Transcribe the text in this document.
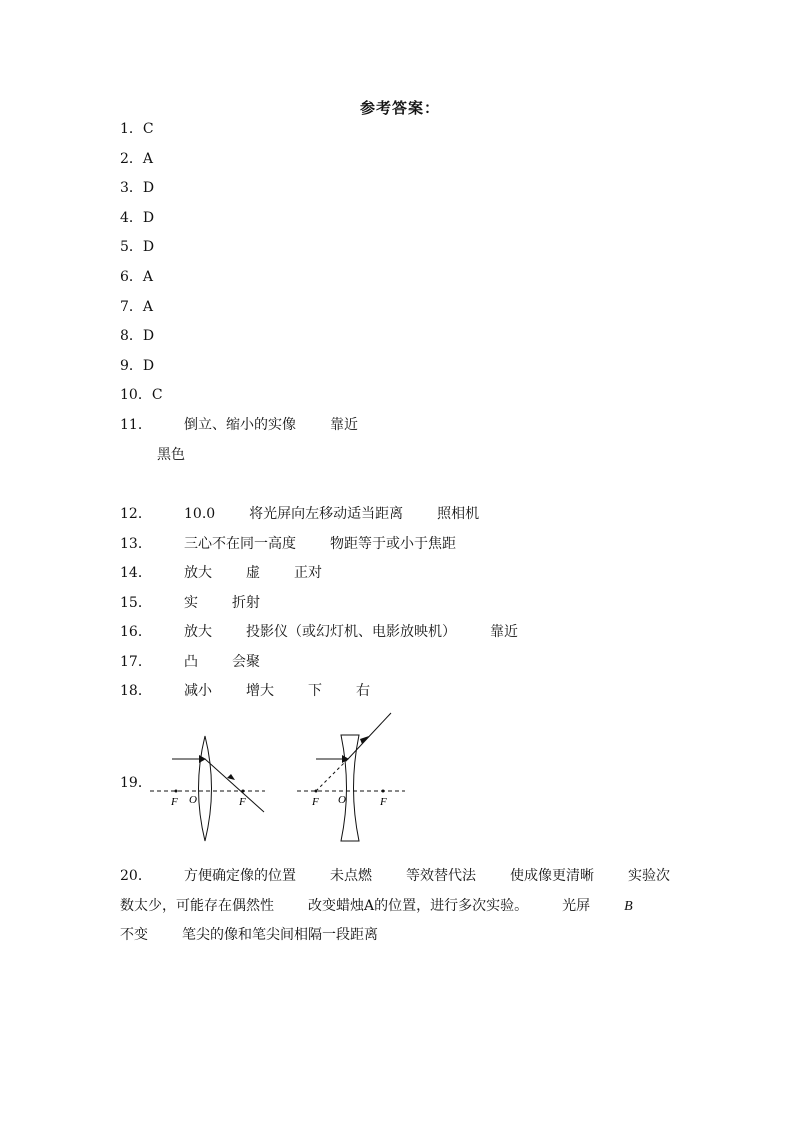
参考答案：
1．C
2．A
3．D
4．D
5．D
6．A
7．A
8．D
9．D
10．C
11． 倒立、缩小的实像 靠近
黑色
12． 10.0 将光屏向左移动适当距离 照相机
13． 三心不在同一高度 物距等于或小于焦距
14． 放大 虚 正对
15． 实 折射
16． 放大 投影仪（或幻灯机、电影放映机） 靠近
17． 凸 会聚
18． 减小 增大 下 右
19．
F O	F	F O	F
20． 方便确定像的位置 未点燃 等效替代法 使成像更清晰 实验次
数太少，可能存在偶然性 改变蜡烛A的位置，进行多次实验。 光屏 B
不变 笔尖的像和笔尖间相隔一段距离
